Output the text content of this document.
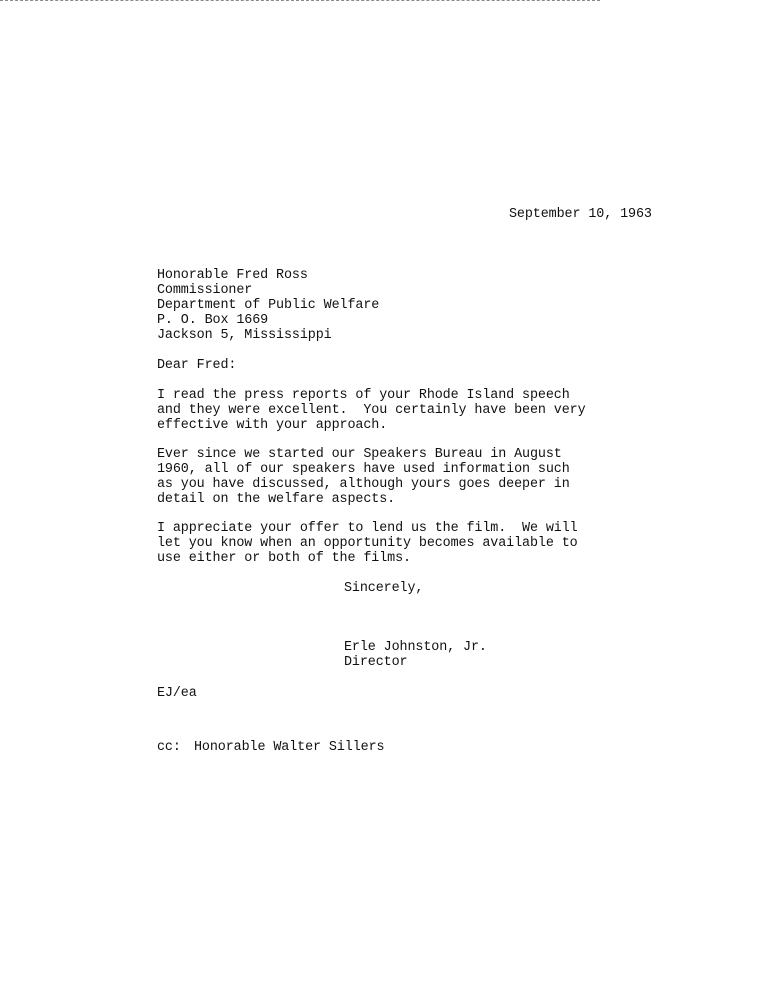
September 10, 1963
Honorable Fred Ross
Commissioner
Department of Public Welfare
P. O. Box 1669
Jackson 5, Mississippi
Dear Fred:
I read the press reports of your Rhode Island speech
and they were excellent.  You certainly have been very
effective with your approach.
Ever since we started our Speakers Bureau in August
1960, all of our speakers have used information such
as you have discussed, although yours goes deeper in
detail on the welfare aspects.
I appreciate your offer to lend us the film.  We will
let you know when an opportunity becomes available to
use either or both of the films.
Sincerely,
Erle Johnston, Jr.
Director
EJ/ea
cc: Honorable Walter Sillers
